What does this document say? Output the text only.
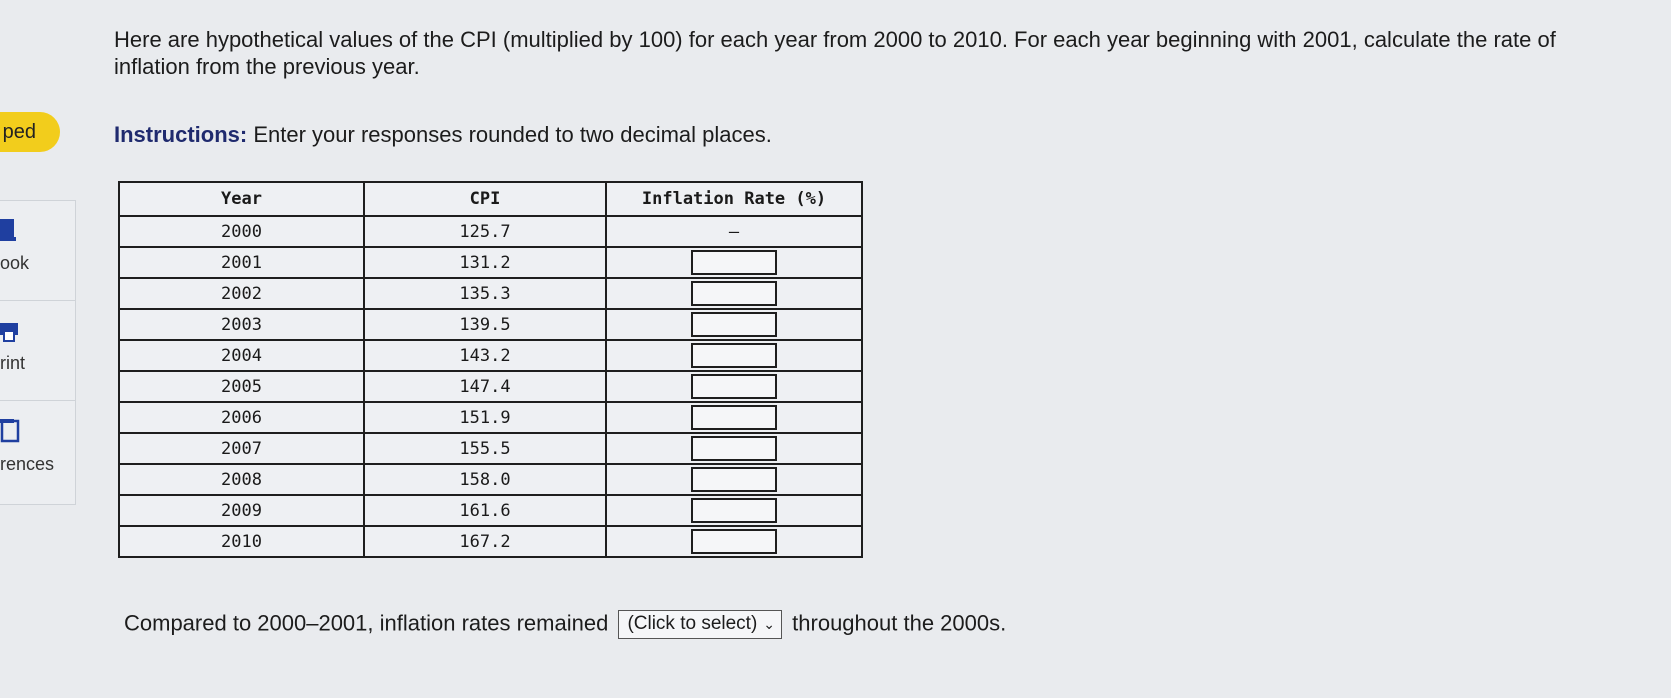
ped
ook
rint
rences
Here are hypothetical values of the CPI (multiplied by 100) for each year from 2000 to 2010. For each year beginning with 2001, calculate the rate of inflation from the previous year.
Instructions: Enter your responses rounded to two decimal places.
Year	CPI	Inflation Rate (%)
2000	125.7	–
2001	131.2	
2002	135.3	
2003	139.5	
2004	143.2	
2005	147.4	
2006	151.9	
2007	155.5	
2008	158.0	
2009	161.6	
2010	167.2	
Compared to 2000–2001, inflation rates remained (Click to select) ⌄ throughout the 2000s.
